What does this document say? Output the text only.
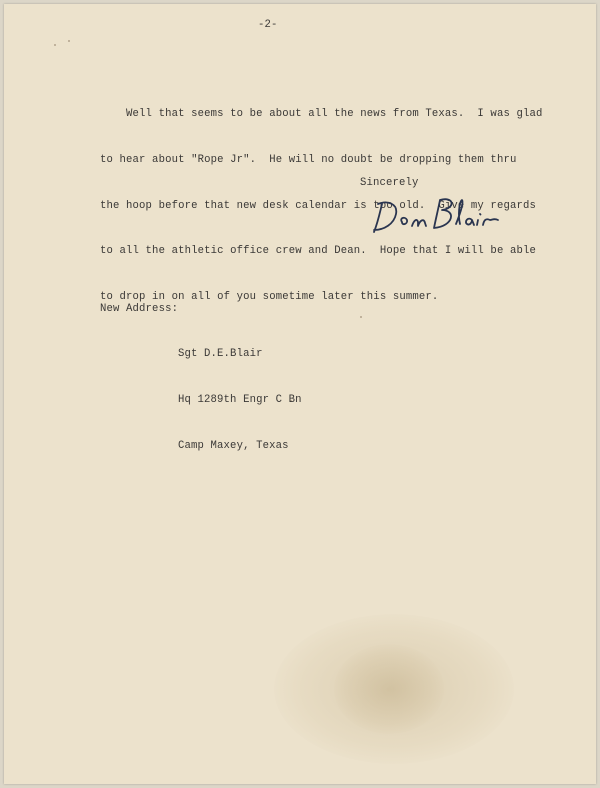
-2-

Well that seems to be about all the news from Texas.  I was glad

to hear about "Rope Jr".  He will no doubt be dropping them thru

the hoop before that new desk calendar is too old.  Give my regards

to all the athletic office crew and Dean.  Hope that I will be able

to drop in on all of you sometime later this summer.

Sincerely
New Address:

Sgt D.E.Blair

Hq 1289th Engr C Bn

Camp Maxey, Texas
